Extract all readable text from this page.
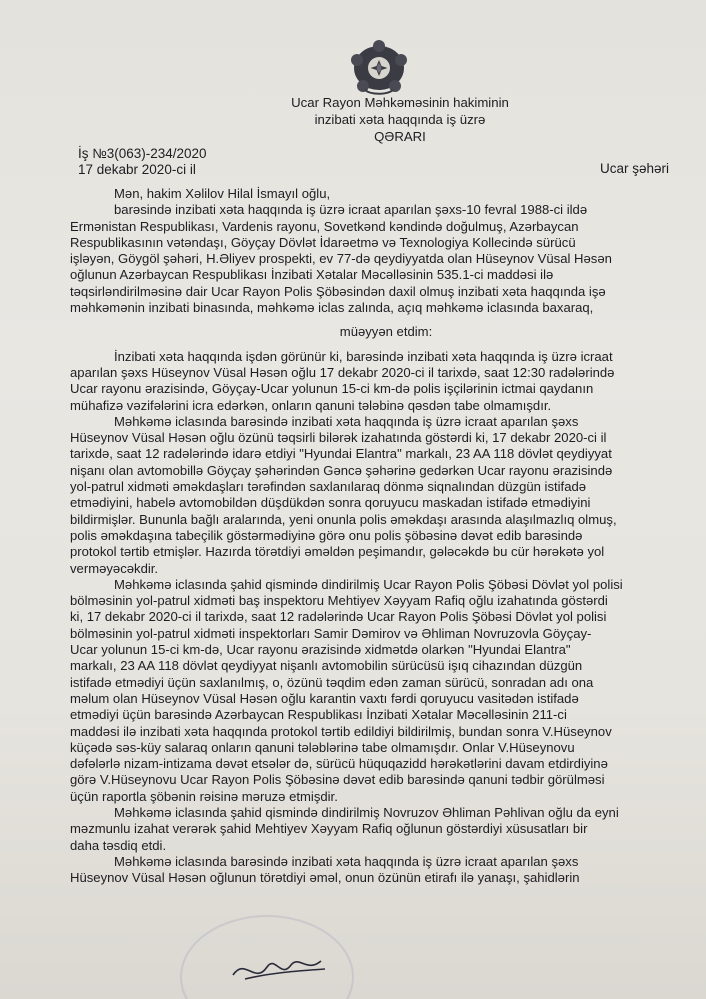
Ucar Rayon Məhkəməsinin hakiminin
inzibati xəta haqqında iş üzrə
QƏRARI
İş №3(063)-234/2020
17 dekabr 2020-ci il	Ucar şəhəri
Mən, hakim Xəlilov Hilal İsmayıl oğlu,
barəsində inzibati xəta haqqında iş üzrə icraat aparılan şəxs-10 fevral 1988-ci ildə
Ermənistan Respublikası, Vardenis rayonu, Sovetkənd kəndində doğulmuş, Azərbaycan
Respublikasının vətəndaşı, Göyçay Dövlət İdarəetmə və Texnologiya Kollecində sürücü
işləyən, Göygöl şəhəri, H.Əliyev prospekti, ev 77-də qeydiyyatda olan Hüseynov Vüsal Həsən
oğlunun Azərbaycan Respublikası İnzibati Xətalar Məcəlləsinin 535.1-ci maddəsi ilə
təqsirləndirilməsinə dair Ucar Rayon Polis Şöbəsindən daxil olmuş inzibati xəta haqqında işə
məhkəmənin inzibati binasında, məhkəmə iclas zalında, açıq məhkəmə iclasında baxaraq,
müəyyən etdim:
İnzibati xəta haqqında işdən görünür ki, barəsində inzibati xəta haqqında iş üzrə icraat
aparılan şəxs Hüseynov Vüsal Həsən oğlu 17 dekabr 2020-ci il tarixdə, saat 12:30 radələrində
Ucar rayonu ərazisində, Göyçay-Ucar yolunun 15-ci km-də polis işçilərinin ictmai qaydanın
mühafizə vəzifələrini icra edərkən, onların qanuni tələbinə qəsdən tabe olmamışdır.
Məhkəmə iclasında barəsində inzibati xəta haqqında iş üzrə icraat aparılan şəxs
Hüseynov Vüsal Həsən oğlu özünü təqsirli bilərək izahatında göstərdi ki, 17 dekabr 2020-ci il
tarixdə, saat 12 radələrində idarə etdiyi "Hyundai Elantra" markalı, 23 AA 118 dövlət qeydiyyat
nişanı olan avtomobillə Göyçay şəhərindən Gəncə şəhərinə gedərkən Ucar rayonu ərazisində
yol-patrul xidməti əməkdaşları tərəfindən saxlanılaraq dönmə siqnalından düzgün istifadə
etmədiyini, habelə avtomobildən düşdükdən sonra qoruyucu maskadan istifadə etmədiyini
bildirmişlər. Bununla bağlı aralarında, yeni onunla polis əməkdaşı arasında alaşılmazlıq olmuş,
polis əməkdaşına tabeçilik göstərmədiyinə görə onu polis şöbəsinə dəvət edib barəsində
protokol tərtib etmişlər. Hazırda törətdiyi əməldən peşimandır, gələcəkdə bu cür hərəkətə yol
verməyəcəkdir.
Məhkəmə iclasında şahid qismində dindirilmiş Ucar Rayon Polis Şöbəsi Dövlət yol polisi
bölməsinin yol-patrul xidməti baş inspektoru Mehtiyev Xəyyam Rafiq oğlu izahatında göstərdi
ki, 17 dekabr 2020-ci il tarixdə, saat 12 radələrində Ucar Rayon Polis Şöbəsi Dövlət yol polisi
bölməsinin yol-patrul xidməti inspektorları Samir Dəmirov və Əhliman Novruzovla Göyçay-
Ucar yolunun 15-ci km-də, Ucar rayonu ərazisində xidmətdə olarkən "Hyundai Elantra"
markalı, 23 AA 118 dövlət qeydiyyat nişanlı avtomobilin sürücüsü işıq cihazından düzgün
istifadə etmədiyi üçün saxlanılmış, o, özünü təqdim edən zaman sürücü, sonradan adı ona
məlum olan Hüseynov Vüsal Həsən oğlu karantin vaxtı fərdi qoruyucu vasitədən istifadə
etmədiyi üçün barəsində Azərbaycan Respublikası İnzibati Xətalar Məcəlləsinin 211-ci
maddəsi ilə inzibati xəta haqqında protokol tərtib edildiyi bildirilmiş, bundan sonra V.Hüseynov
küçədə səs-küy salaraq onların qanuni tələblərinə tabe olmamışdır. Onlar V.Hüseynovu
dəfələrlə nizam-intizama dəvət etsələr də, sürücü hüquqazidd hərəkətlərini davam etdirdiyinə
görə V.Hüseynovu Ucar Rayon Polis Şöbəsinə dəvət edib barəsində qanuni tədbir görülməsi
üçün raportla şöbənin rəisinə məruzə etmişdir.
Məhkəmə iclasında şahid qismində dindirilmiş Novruzov Əhliman Pəhlivan oğlu da eyni
məzmunlu izahat verərək şahid Mehtiyev Xəyyam Rafiq oğlunun göstərdiyi xüsusatları bir
daha təsdiq etdi.
Məhkəmə iclasında barəsində inzibati xəta haqqında iş üzrə icraat aparılan şəxs
Hüseynov Vüsal Həsən oğlunun törətdiyi əməl, onun özünün etirafı ilə yanaşı, şahidlərin
